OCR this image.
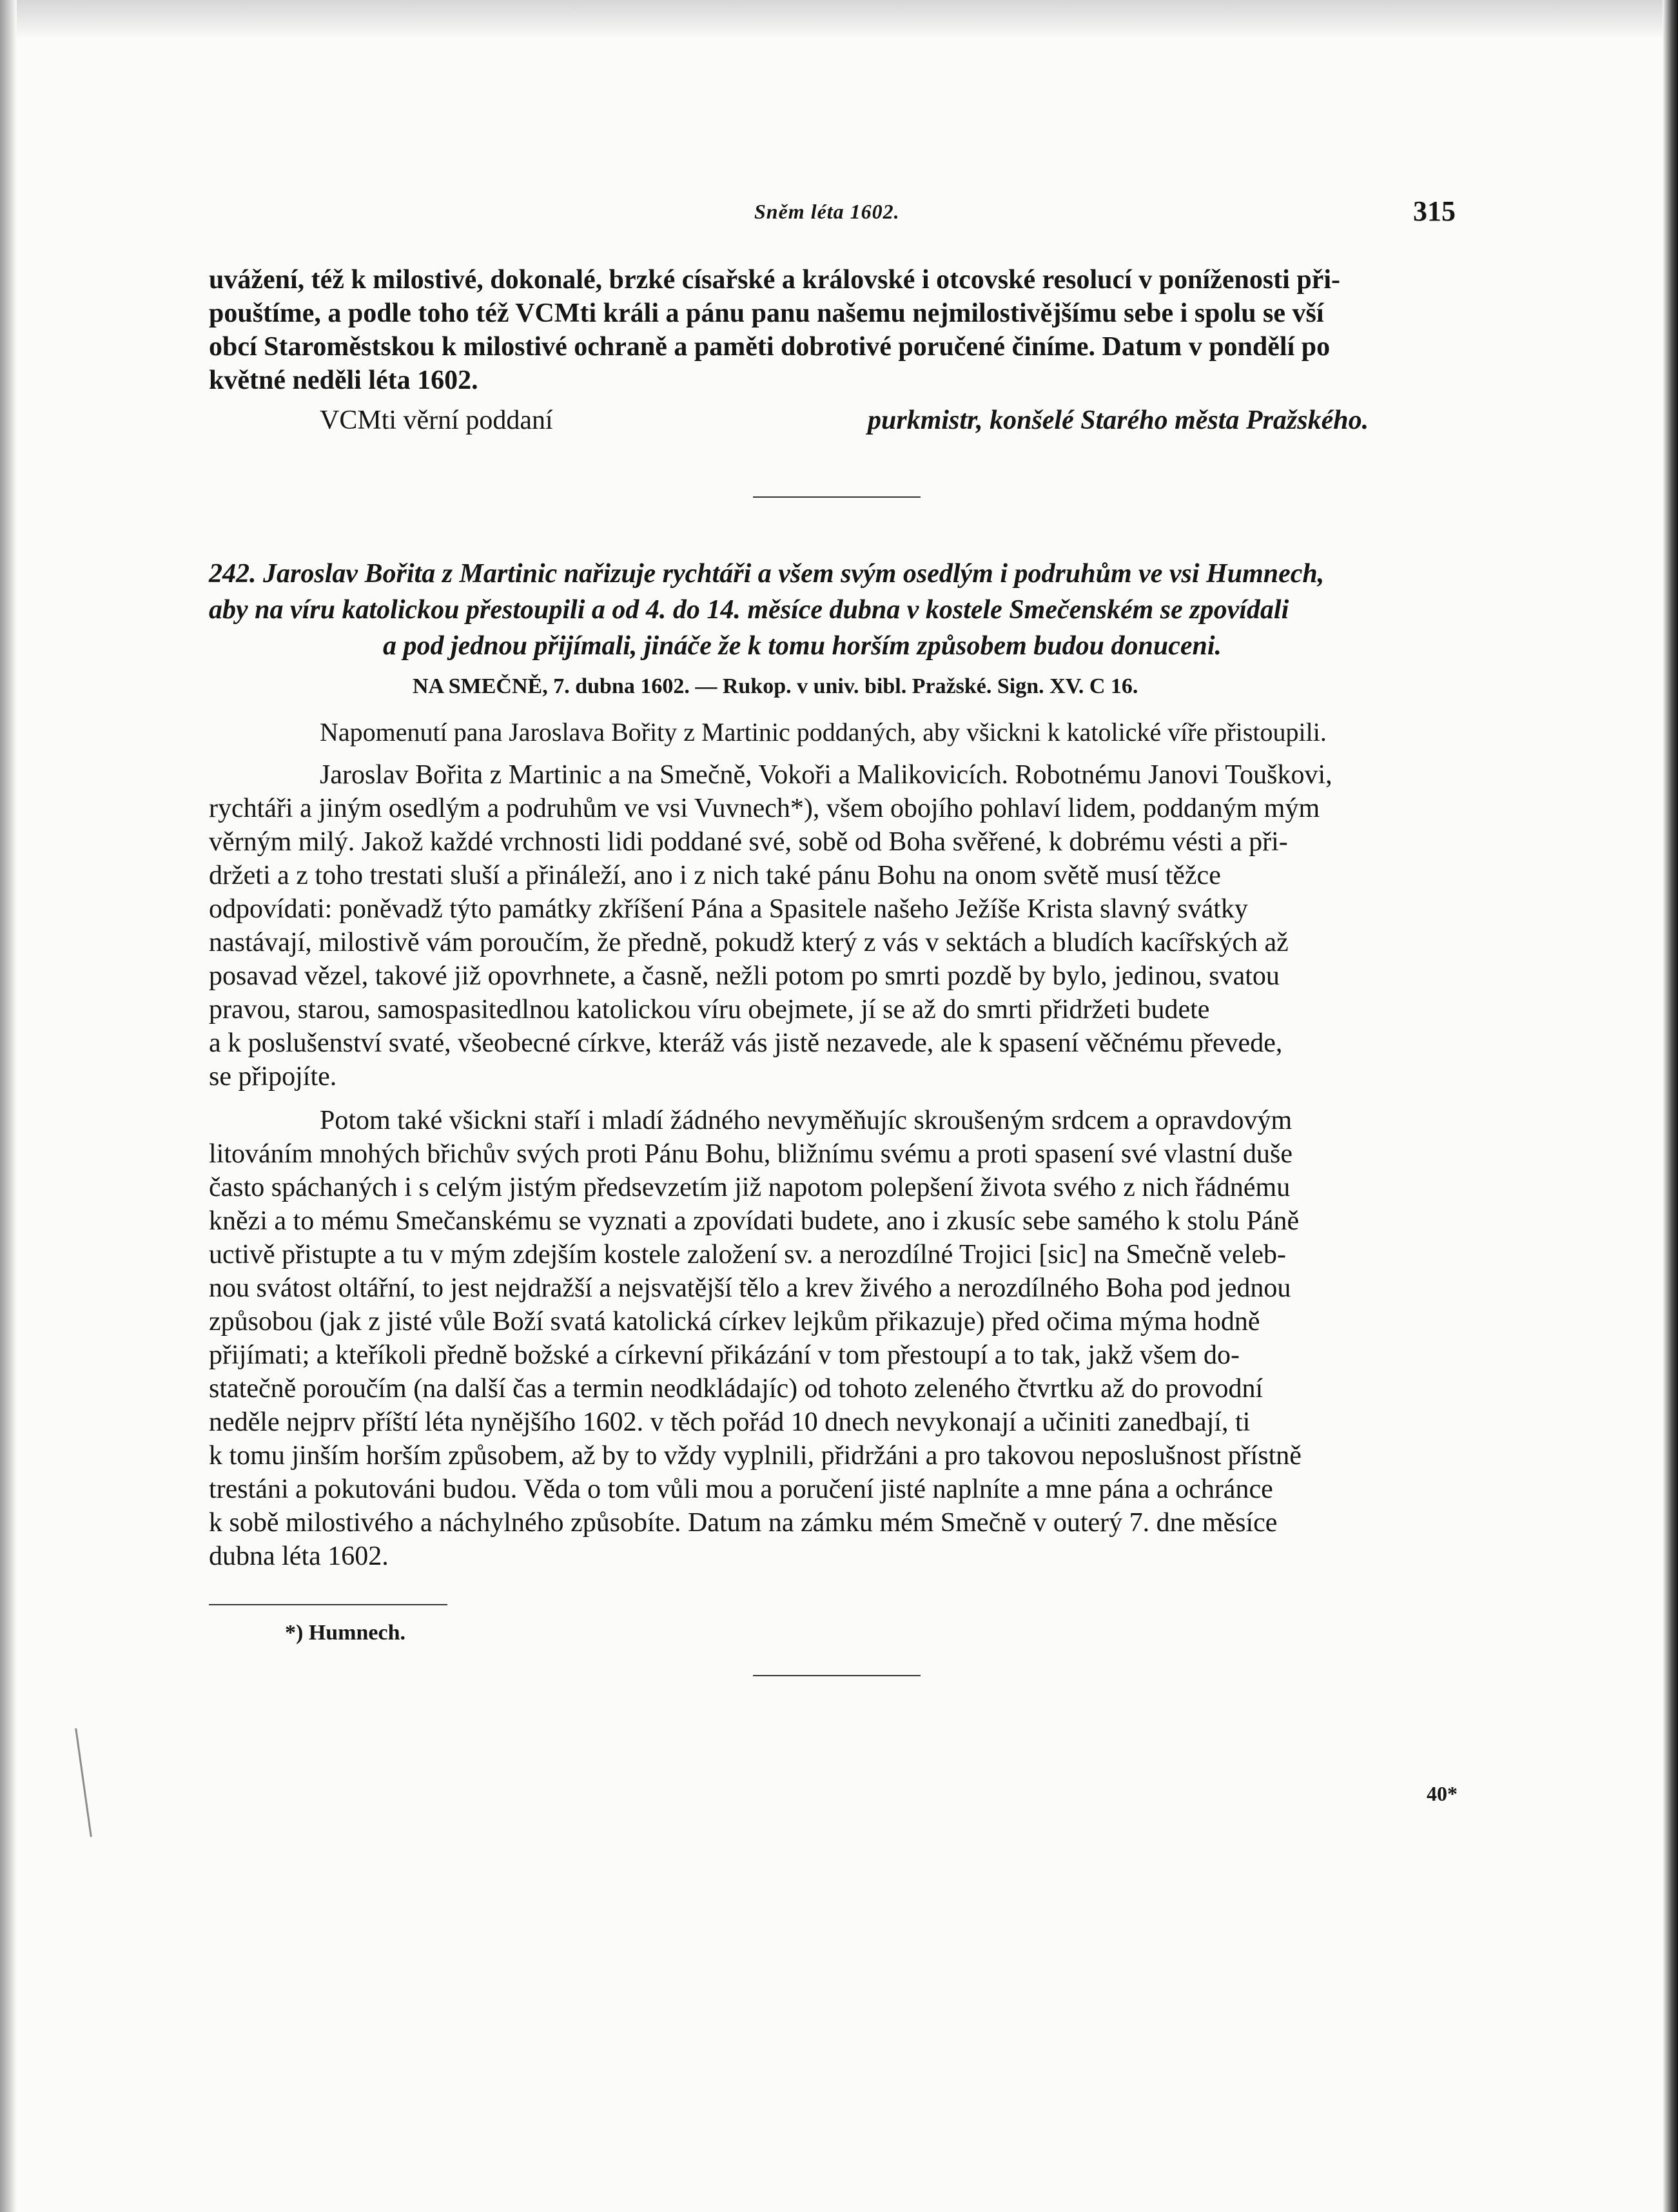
Sněm léta 1602.	315
uvážení, též k milostivé, dokonalé, brzké císařské a královské i otcovské resolucí v poníženosti při-
pouštíme, a podle toho též VCMti králi a pánu panu našemu nejmilostivějšímu sebe i spolu se vší
obcí Staroměstskou k milostivé ochraně a paměti dobrotivé poručené činíme. Datum v pondělí po
květné neděli léta 1602.
VCMti věrní poddaní	purkmistr, konšelé Starého města Pražského.
242. Jaroslav Bořita z Martinic nařizuje rychtáři a všem svým osedlým i podruhům ve vsi Humnech,
aby na víru katolickou přestoupili a od 4. do 14. měsíce dubna v kostele Smečenském se zpovídali
a pod jednou přijímali, jináče že k tomu horším způsobem budou donuceni.
NA SMEČNĚ, 7. dubna 1602. — Rukop. v univ. bibl. Pražské. Sign. XV. C 16.
Napomenutí pana Jaroslava Bořity z Martinic poddaných, aby všickni k katolické víře přistoupili.
Jaroslav Bořita z Martinic a na Smečně, Vokoři a Malikovicích. Robotnému Janovi Touškovi,
rychtáři a jiným osedlým a podruhům ve vsi Vuvnech*), všem obojího pohlaví lidem, poddaným mým
věrným milý. Jakož každé vrchnosti lidi poddané své, sobě od Boha svěřené, k dobrému vésti a při-
držeti a z toho trestati sluší a přináleží, ano i z nich také pánu Bohu na onom světě musí těžce
odpovídati: poněvadž týto památky zkříšení Pána a Spasitele našeho Ježíše Krista slavný svátky
nastávají, milostivě vám poroučím, že předně, pokudž který z vás v sektách a bludích kacířských až
posavad vězel, takové již opovrhnete, a časně, nežli potom po smrti pozdě by bylo, jedinou, svatou
pravou, starou, samospasitedlnou katolickou víru obejmete, jí se až do smrti přidržeti budete
a k poslušenství svaté, všeobecné církve, kteráž vás jistě nezavede, ale k spasení věčnému převede,
se připojíte.
Potom také všickni staří i mladí žádného nevyměňujíc skroušeným srdcem a opravdovým
litováním mnohých břichův svých proti Pánu Bohu, bližnímu svému a proti spasení své vlastní duše
často spáchaných i s celým jistým předsevzetím již napotom polepšení života svého z nich řádnému
knězi a to mému Smečanskému se vyznati a zpovídati budete, ano i zkusíc sebe samého k stolu Páně
uctivě přistupte a tu v mým zdejším kostele založení sv. a nerozdílné Trojici [sic] na Smečně veleb-
nou svátost oltářní, to jest nejdražší a nejsvatější tělo a krev živého a nerozdílného Boha pod jednou
způsobou (jak z jisté vůle Boží svatá katolická církev lejkům přikazuje) před očima mýma hodně
přijímati; a kteříkoli předně božské a církevní přikázání v tom přestoupí a to tak, jakž všem do-
statečně poroučím (na další čas a termin neodkládajíc) od tohoto zeleného čtvrtku až do provodní
neděle nejprv příští léta nynějšího 1602. v těch pořád 10 dnech nevykonají a učiniti zanedbají, ti
k tomu jinším horším způsobem, až by to vždy vyplnili, přidržáni a pro takovou neposlušnost přístně
trestáni a pokutováni budou. Věda o tom vůli mou a poručení jisté naplníte a mne pána a ochránce
k sobě milostivého a náchylného způsobíte. Datum na zámku mém Smečně v outerý 7. dne měsíce
dubna léta 1602.
*) Humnech.
40*
